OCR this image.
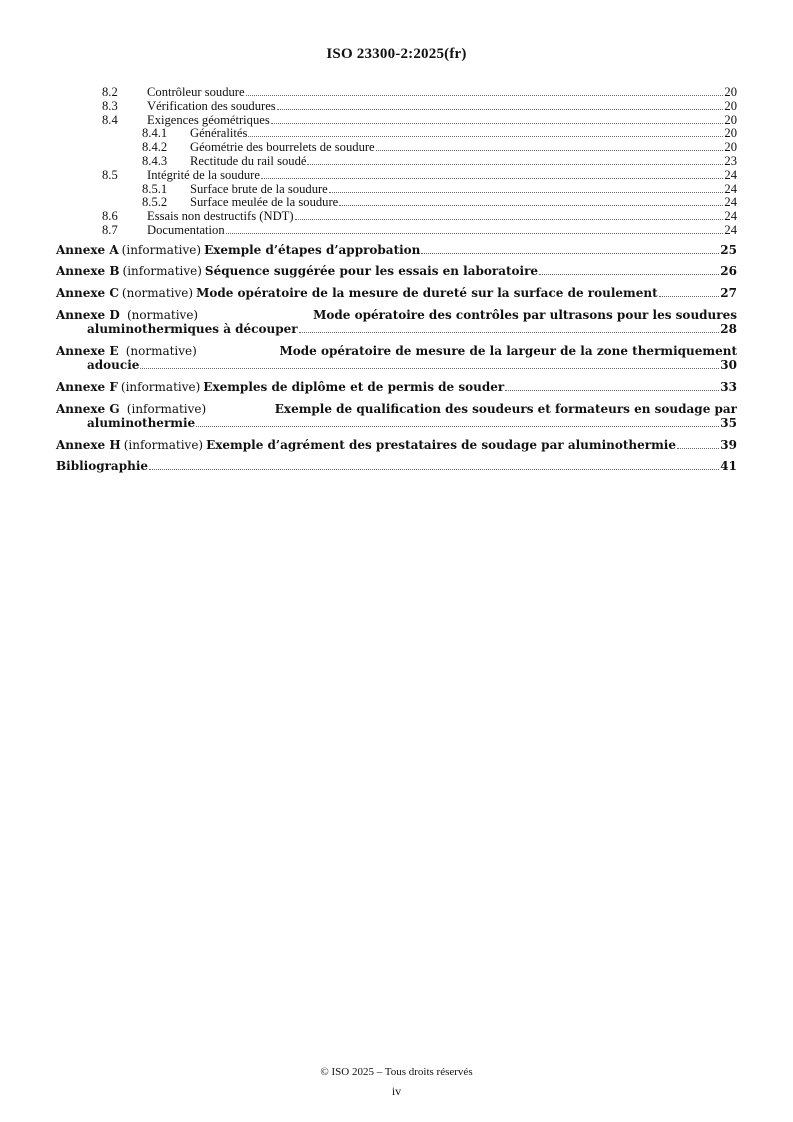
ISO 23300-2:2025(fr)
8.2	Contrôleur soudure	20
8.3	Vérification des soudures	20
8.4	Exigences géométriques	20
8.4.1	Généralités	20
8.4.2	Géométrie des bourrelets de soudure	20
8.4.3	Rectitude du rail soudé	23
8.5	Intégrité de la soudure	24
8.5.1	Surface brute de la soudure	24
8.5.2	Surface meulée de la soudure	24
8.6	Essais non destructifs (NDT)	24
8.7	Documentation	24
Annexe A (informative) Exemple d’étapes d’approbation	25
Annexe B (informative) Séquence suggérée pour les essais en laboratoire	26
Annexe C (normative) Mode opératoire de la mesure de dureté sur la surface de roulement	27
Annexe D (normative)	Mode opératoire des contrôles par ultrasons pour les soudures
aluminothermiques à découper	28
Annexe E (normative)	Mode opératoire de mesure de la largeur de la zone thermiquement
adoucie	30
Annexe F (informative) Exemples de diplôme et de permis de souder	33
Annexe G (informative)	Exemple de qualification des soudeurs et formateurs en soudage par
aluminothermie	35
Annexe H (informative) Exemple d’agrément des prestataires de soudage par aluminothermie	39
Bibliographie	41
© ISO 2025 – Tous droits réservés
iv
